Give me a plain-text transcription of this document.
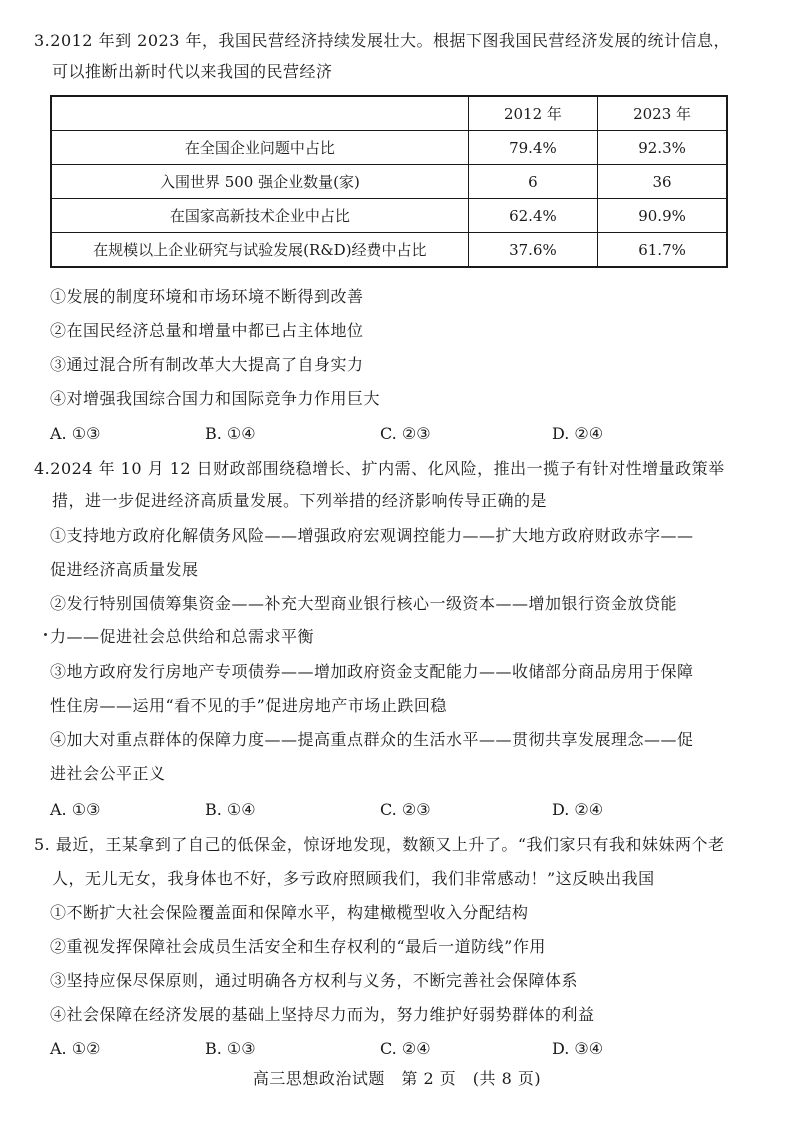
3.2012 年到 2023 年，我国民营经济持续发展壮大。根据下图我国民营经济发展的统计信息，
可以推断出新时代以来我国的民营经济
	2012 年	2023 年
在全国企业问题中占比	79.4%	92.3%
入围世界 500 强企业数量(家)	6	36
在国家高新技术企业中占比	62.4%	90.9%
在规模以上企业研究与试验发展(R&D)经费中占比	37.6%	61.7%
①发展的制度环境和市场环境不断得到改善
②在国民经济总量和增量中都已占主体地位
③通过混合所有制改革大大提高了自身实力
④对增强我国综合国力和国际竞争力作用巨大
A. ①③	B. ①④	C. ②③	D. ②④
4.2024 年 10 月 12 日财政部围绕稳增长、扩内需、化风险，推出一揽子有针对性增量政策举
措，进一步促进经济高质量发展。下列举措的经济影响传导正确的是
①支持地方政府化解债务风险——增强政府宏观调控能力——扩大地方政府财政赤字——
促进经济高质量发展
②发行特别国债筹集资金——补充大型商业银行核心一级资本——增加银行资金放贷能
力——促进社会总供给和总需求平衡
③地方政府发行房地产专项债券——增加政府资金支配能力——收储部分商品房用于保障
性住房——运用“看不见的手”促进房地产市场止跌回稳
④加大对重点群体的保障力度——提高重点群众的生活水平——贯彻共享发展理念——促
进社会公平正义
A. ①③	B. ①④	C. ②③	D. ②④
5. 最近，王某拿到了自己的低保金，惊讶地发现，数额又上升了。“我们家只有我和妹妹两个老
人，无儿无女，我身体也不好，多亏政府照顾我们，我们非常感动！”这反映出我国
①不断扩大社会保险覆盖面和保障水平，构建橄榄型收入分配结构
②重视发挥保障社会成员生活安全和生存权利的“最后一道防线”作用
③坚持应保尽保原则，通过明确各方权利与义务，不断完善社会保障体系
④社会保障在经济发展的基础上坚持尽力而为，努力维护好弱势群体的利益
A. ①②	B. ①③	C. ②④	D. ③④
高三思想政治试题　第 2 页　(共 8 页)
